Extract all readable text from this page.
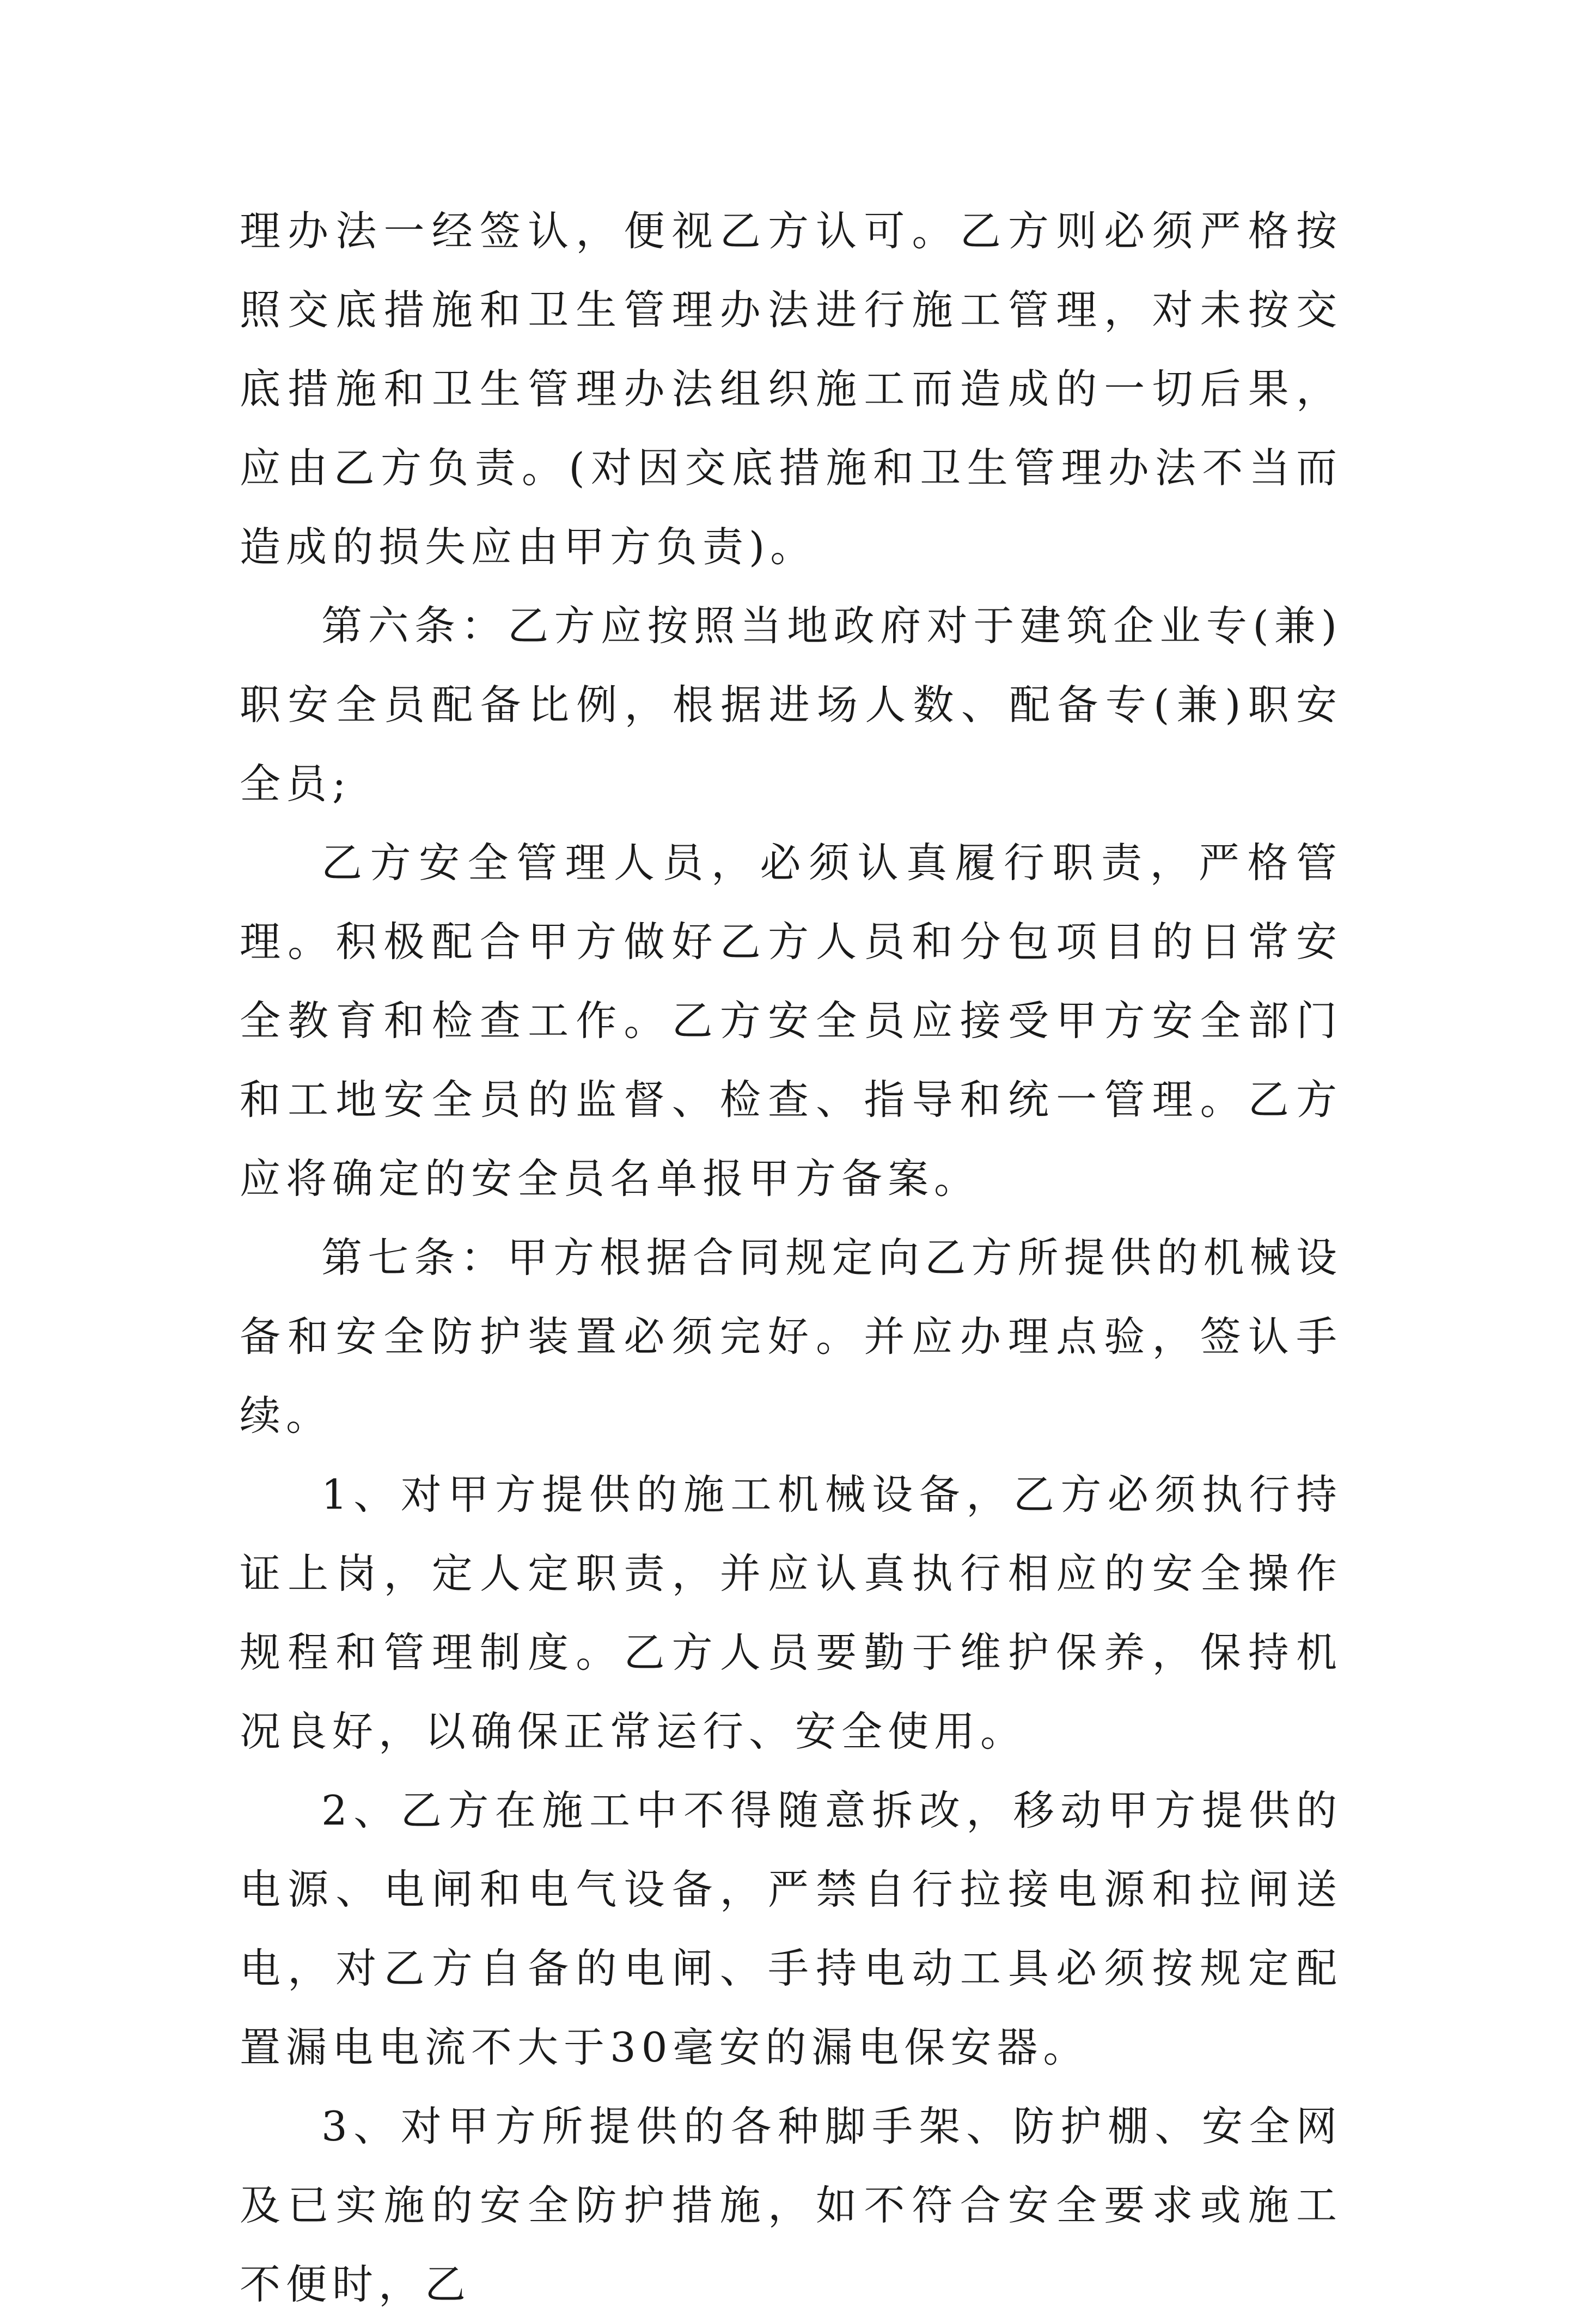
理办法一经签认，便视乙方认可。乙方则必须严格按照交底措施和卫生管理办法进行施工管理，对未按交底措施和卫生管理办法组织施工而造成的一切后果，应由乙方负责。(对因交底措施和卫生管理办法不当而造成的损失应由甲方负责)。

第六条：乙方应按照当地政府对于建筑企业专(兼)职安全员配备比例，根据进场人数、配备专(兼)职安全员;

乙方安全管理人员，必须认真履行职责，严格管理。积极配合甲方做好乙方人员和分包项目的日常安全教育和检查工作。乙方安全员应接受甲方安全部门和工地安全员的监督、检查、指导和统一管理。乙方应将确定的安全员名单报甲方备案。

第七条：甲方根据合同规定向乙方所提供的机械设备和安全防护装置必须完好。并应办理点验，签认手续。

1、对甲方提供的施工机械设备，乙方必须执行持证上岗，定人定职责，并应认真执行相应的安全操作规程和管理制度。乙方人员要勤于维护保养，保持机况良好，以确保正常运行、安全使用。

2、乙方在施工中不得随意拆改，移动甲方提供的电源、电闸和电气设备，严禁自行拉接电源和拉闸送电，对乙方自备的电闸、手持电动工具必须按规定配置漏电电流不大于30毫安的漏电保安器。

3、对甲方所提供的各种脚手架、防护棚、安全网及已实施的安全防护措施，如不符合安全要求或施工不便时，乙
